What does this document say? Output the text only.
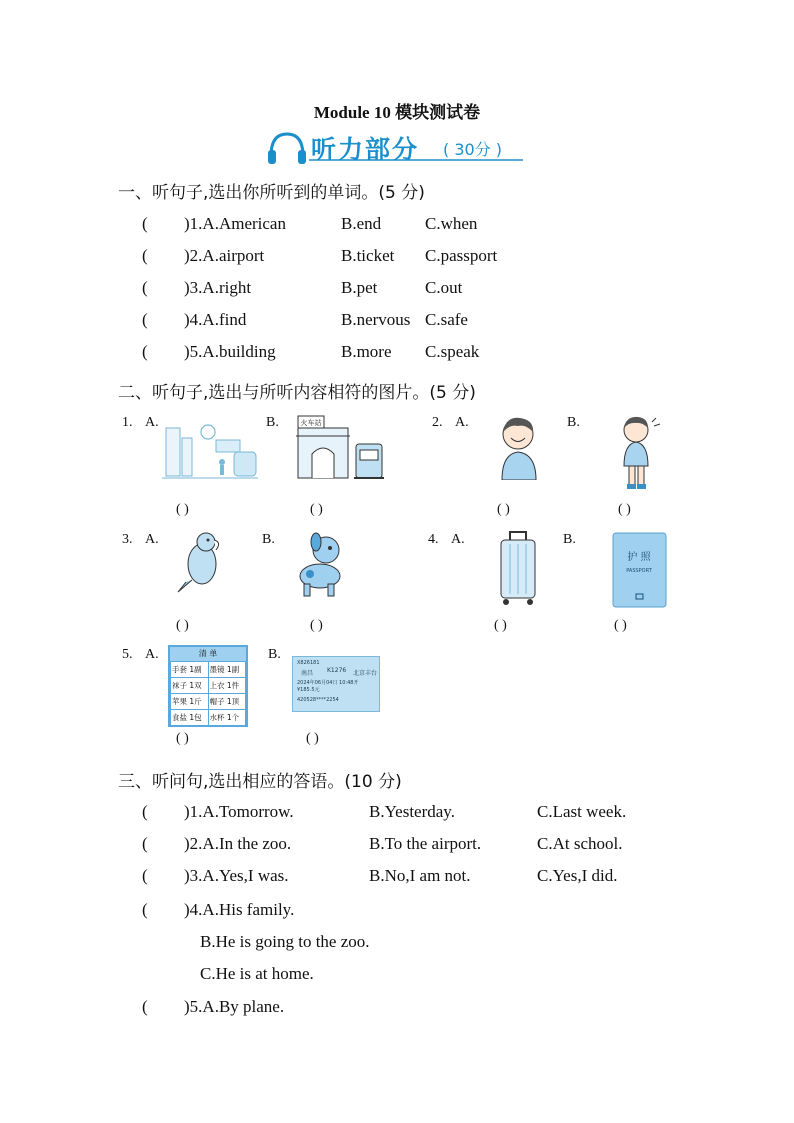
Module 10 模块测试卷
听力部分 ( 30分 )
一、听句子,选出你所听到的单词。(5 分)
( )1.A.American	B.end	C.when
( )2.A.airport	B.ticket C.passport
( )3.A.right	B.pet	C.out
( )4.A.find	B.nervous C.safe
( )5.A.building	B.more C.speak
二、听句子,选出与所听内容相符的图片。(5 分)
1. A.	B.	火车站	2. A.	B.
( )	( )	( )	( )
3. A.	B.	4. A.	B.
护 照
PASSPORT
( )	( )	( )	( )
5. A.	清 单
手套 1副	墨镜 1副
袜子 1双	上衣 1件
苹果 1斤	帽子 1顶
食盐 1包	水杯 1个
B.
X826181
南昌 K1276 北京丰台
2024年06月04日 10:48开
¥185.5元
420528****2254
( )	( )
三、听问句,选出相应的答语。(10 分)
( )1.A.Tomorrow.	B.Yesterday.	C.Last week.
( )2.A.In the zoo.	B.To the airport.	C.At school.
( )3.A.Yes,I was.	B.No,I am not.	C.Yes,I did.
( )4.A.His family.
B.He is going to the zoo.
C.He is at home.
( )5.A.By plane.
